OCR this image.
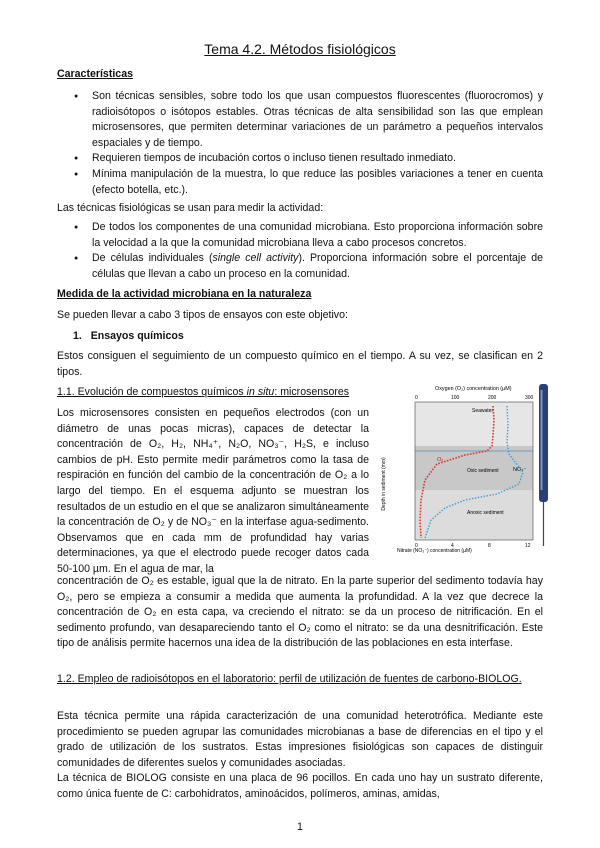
Tema 4.2. Métodos fisiológicos

Características

● Son técnicas sensibles, sobre todo los que usan compuestos fluorescentes (fluorocromos) y radioisótopos o isótopos estables. Otras técnicas de alta sensibilidad son las que emplean microsensores, que permiten determinar variaciones de un parámetro a pequeños intervalos espaciales y de tiempo.
● Requieren tiempos de incubación cortos o incluso tienen resultado inmediato.
● Mínima manipulación de la muestra, lo que reduce las posibles variaciones a tener en cuenta (efecto botella, etc.).

Las técnicas fisiológicas se usan para medir la actividad:

● De todos los componentes de una comunidad microbiana. Esto proporciona información sobre la velocidad a la que la comunidad microbiana lleva a cabo procesos concretos.
● De células individuales (single cell activity). Proporciona información sobre el porcentaje de células que llevan a cabo un proceso en la comunidad.

Medida de la actividad microbiana en la naturaleza

Se pueden llevar a cabo 3 tipos de ensayos con este objetivo:

1. Ensayos químicos

Estos consiguen el seguimiento de un compuesto químico en el tiempo. A su vez, se clasifican en 2 tipos.

1.1. Evolución de compuestos químicos in situ: microsensores

Los microsensores consisten en pequeños electrodos (con un diámetro de unas pocas micras), capaces de detectar la concentración de O₂, H₂, NH₄⁺, N₂O, NO₃⁻, H₂S, e incluso cambios de pH. Esto permite medir parámetros como la tasa de respiración en función del cambio de la concentración de O₂ a lo largo del tiempo. En el esquema adjunto se muestran los resultados de un estudio en el que se analizaron simultáneamente la concentración de O₂ y de NO₃⁻ en la interfase agua-sedimento. Observamos que en cada mm de profundidad hay varias determinaciones, ya que el electrodo puede recoger datos cada 50-100 µm. En el agua de mar, la

concentración de O₂ es estable, igual que la de nitrato. En la parte superior del sedimento todavía hay O₂, pero se empieza a consumir a medida que aumenta la profundidad. A la vez que decrece la concentración de O₂ en esta capa, va creciendo el nitrato: se da un proceso de nitrificación. En el sedimento profundo, van desapareciendo tanto el O₂ como el nitrato: se da una desnitrificación. Este tipo de análisis permite hacernos una idea de la distribución de las poblaciones en esta interfase.

1.2. Empleo de radioisótopos en el laboratorio: perfil de utilización de fuentes de carbono-BIOLOG.

Esta técnica permite una rápida caracterización de una comunidad heterotrófica. Mediante este procedimiento se pueden agrupar las comunidades microbianas a base de diferencias en el tipo y el grado de utilización de los sustratos. Estas impresiones fisiológicas son capaces de distinguir comunidades de diferentes suelos y comunidades asociadas.

La técnica de BIOLOG consiste en una placa de 96 pocillos. En cada uno hay un sustrato diferente, como única fuente de C: carbohidratos, aminoácidos, polímeros, aminas, amidas,

Oxygen (O₂) concentration (µM)
0	100	200	300
Seawater
Oxic sediment
Anoxic sediment
O₂
NO₃⁻
Depth in sediment (mm)
0	4	8	12
Nitrate (NO₃⁻) concentration (µM)
1
